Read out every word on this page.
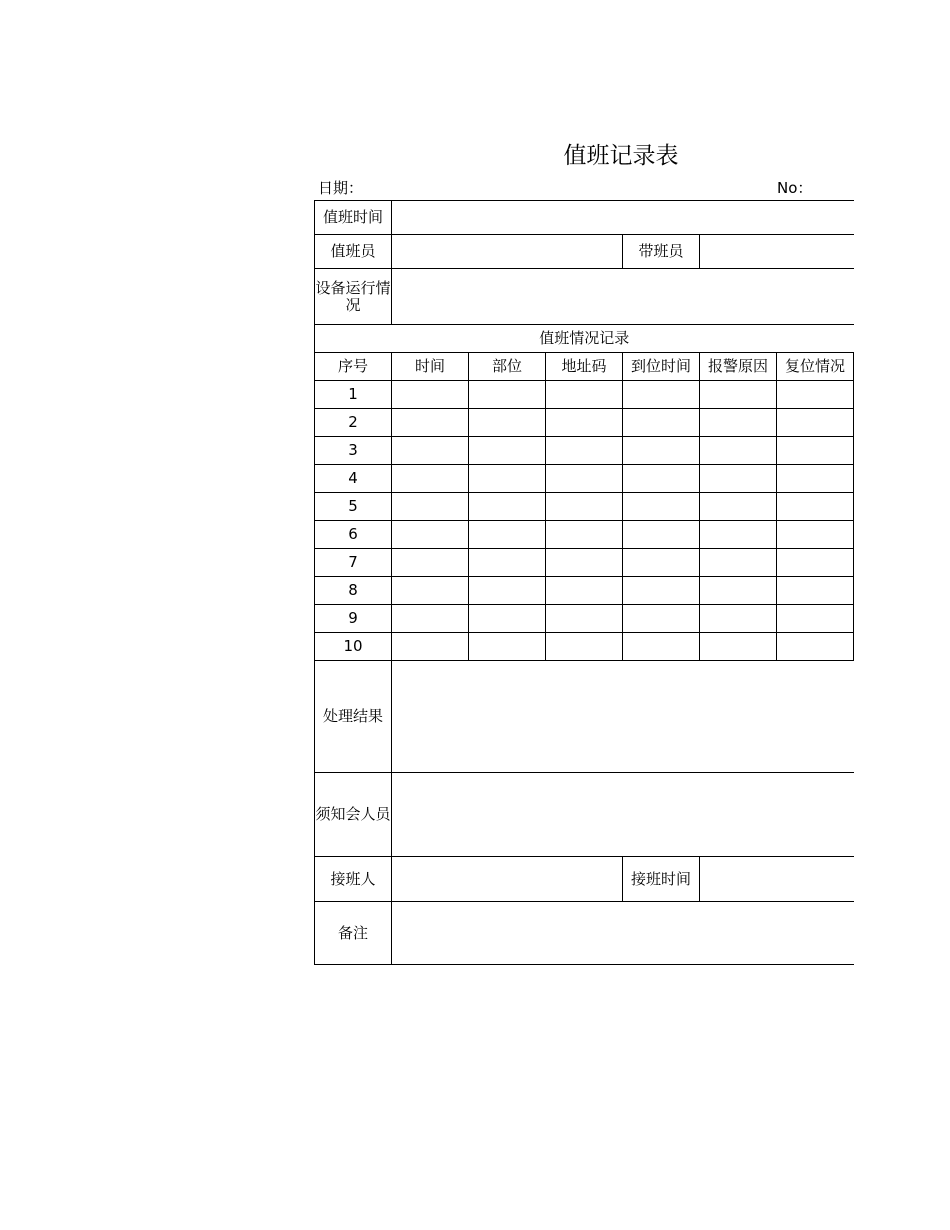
值班记录表
日期：	No：
值班时间						
值班员				带班员		
设备运行情况						
值班情况记录						
序号	时间	部位	地址码	到位时间	报警原因	复位情况
1						
2						
3						
4						
5						
6						
7						
8						
9						
10						
处理结果						
须知会人员						
接班人				接班时间		
备注						
